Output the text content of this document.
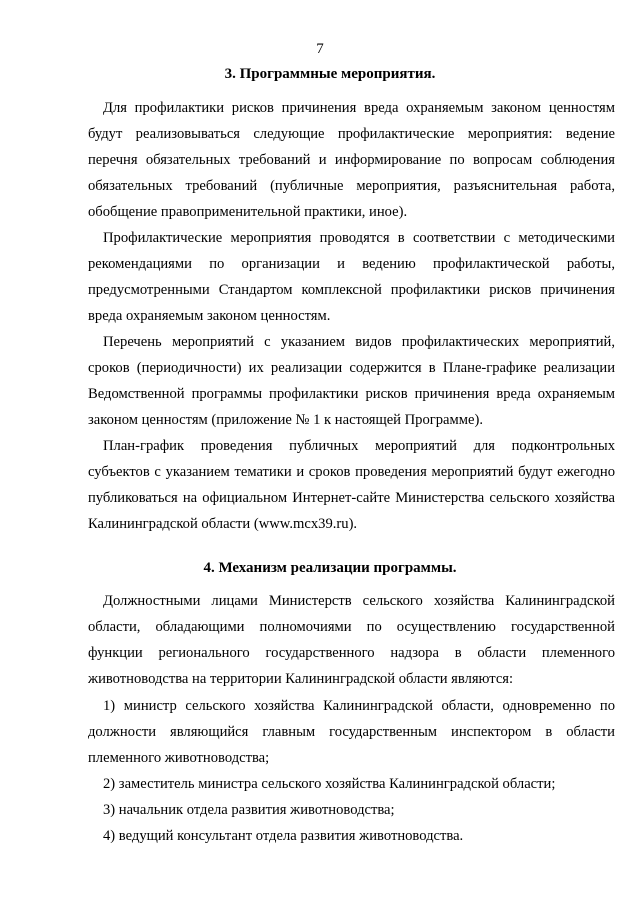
7
3. Программные мероприятия.

Для профилактики рисков причинения вреда охраняемым законом ценностям будут реализовываться следующие профилактические мероприятия: ведение перечня обязательных требований и информирование по вопросам соблюдения обязательных требований (публичные мероприятия, разъяснительная работа, обобщение правоприменительной практики, иное).

Профилактические мероприятия проводятся в соответствии с методическими рекомендациями по организации и ведению профилактической работы, предусмотренными Стандартом комплексной профилактики рисков причинения вреда охраняемым законом ценностям.

Перечень мероприятий с указанием видов профилактических мероприятий, сроков (периодичности) их реализации содержится в Плане-графике реализации Ведомственной программы профилактики рисков причинения вреда охраняемым законом ценностям (приложение № 1 к настоящей Программе).

План-график проведения публичных мероприятий для подконтрольных субъектов с указанием тематики и сроков проведения мероприятий будут ежегодно публиковаться на официальном Интернет-сайте Министерства сельского хозяйства Калининградской области (www.mcx39.ru).

4. Механизм реализации программы.

Должностными лицами Министерств сельского хозяйства Калининградской области, обладающими полномочиями по осуществлению государственной функции регионального государственного надзора в области племенного животноводства на территории Калининградской области являются:

1) министр сельского хозяйства Калининградской области, одновременно по должности являющийся главным государственным инспектором в области племенного животноводства;

2) заместитель министра сельского хозяйства Калининградской области;

3) начальник отдела развития животноводства;

4) ведущий консультант отдела развития животноводства.
